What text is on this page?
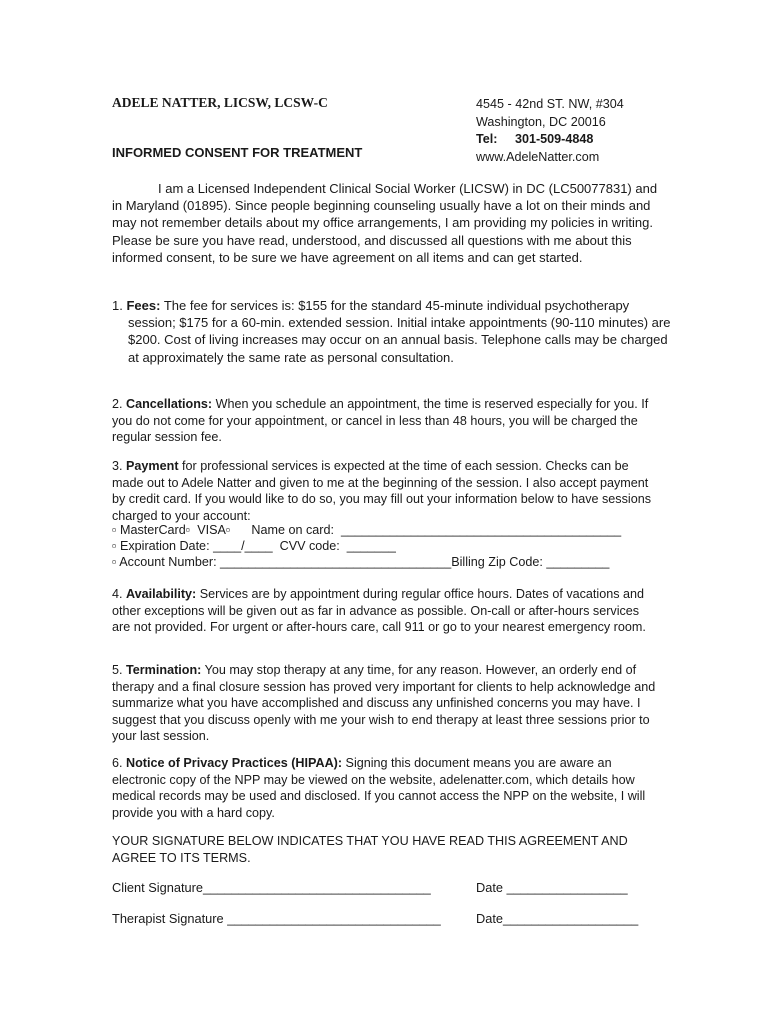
ADELE NATTER, LICSW, LCSW-C
INFORMED CONSENT FOR TREATMENT
4545 - 42nd ST. NW, #304
Washington, DC 20016
Tel: 301-509-4848
www.AdeleNatter.com
I am a Licensed Independent Clinical Social Worker (LICSW) in DC (LC50077831) and in Maryland (01895). Since people beginning counseling usually have a lot on their minds and may not remember details about my office arrangements, I am providing my policies in writing. Please be sure you have read, understood, and discussed all questions with me about this informed consent, to be sure we have agreement on all items and can get started.
1. Fees: The fee for services is: $155 for the standard 45-minute individual psychotherapy session; $175 for a 60-min. extended session. Initial intake appointments (90-110 minutes) are $200. Cost of living increases may occur on an annual basis. Telephone calls may be charged at approximately the same rate as personal consultation.
2. Cancellations: When you schedule an appointment, the time is reserved especially for you. If you do not come for your appointment, or cancel in less than 48 hours, you will be charged the regular session fee.
3. Payment for professional services is expected at the time of each session. Checks can be made out to Adele Natter and given to me at the beginning of the session. I also accept payment by credit card. If you would like to do so, you may fill out your information below to have sessions charged to your account:
▫ MasterCard▫  VISA▫      Name on card:  ________________________________________
▫ Expiration Date: ____/____  CVV code:  _______
▫ Account Number: _________________________________Billing Zip Code: _________
4. Availability: Services are by appointment during regular office hours. Dates of vacations and other exceptions will be given out as far in advance as possible. On-call or after-hours services are not provided. For urgent or after-hours care, call 911 or go to your nearest emergency room.
5. Termination: You may stop therapy at any time, for any reason. However, an orderly end of therapy and a final closure session has proved very important for clients to help acknowledge and summarize what you have accomplished and discuss any unfinished concerns you may have. I suggest that you discuss openly with me your wish to end therapy at least three sessions prior to your last session.
6. Notice of Privacy Practices (HIPAA): Signing this document means you are aware an electronic copy of the NPP may be viewed on the website, adelenatter.com, which details how medical records may be used and disclosed. If you cannot access the NPP on the website, I will provide you with a hard copy.
YOUR SIGNATURE BELOW INDICATES THAT YOU HAVE READ THIS AGREEMENT AND AGREE TO ITS TERMS.
Client Signature________________________________	Date _________________
Therapist Signature ______________________________	Date___________________
